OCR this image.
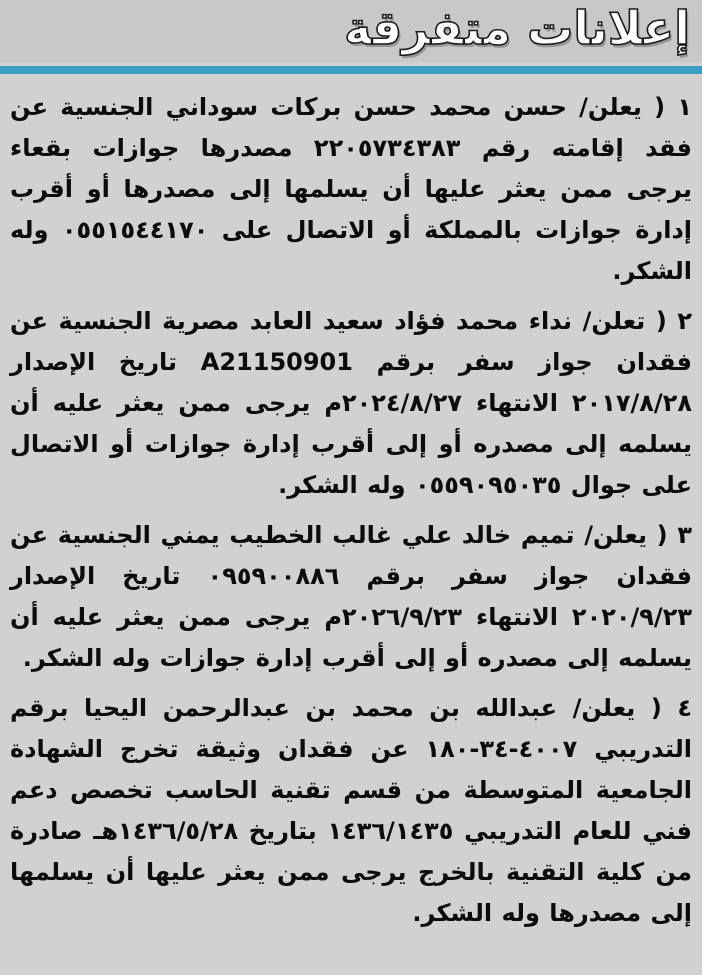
إعلانات متفرقة

١ ( يعلن/ حسن محمد حسن بركات سوداني الجنسية عن فقد إقامته رقم ٢٢٠٥٧٣٤٣٨٣ مصدرها جوازات بقعاء يرجى ممن يعثر عليها أن يسلمها إلى مصدرها أو أقرب إدارة جوازات بالمملكة أو الاتصال على ٠٥٥١٥٤٤١٧٠ وله الشكر.

٢ ( تعلن/ نداء محمد فؤاد سعيد العابد مصرية الجنسية عن فقدان جواز سفر برقم A21150901 تاريخ الإصدار ٢٠١٧/٨/٢٨ الانتهاء ٢٠٢٤/٨/٢٧م يرجى ممن يعثر عليه أن يسلمه إلى مصدره أو إلى أقرب إدارة جوازات أو الاتصال على جوال ٠٥٥٩٠٩٥٠٣٥ وله الشكر.

٣ ( يعلن/ تميم خالد علي غالب الخطيب يمني الجنسية عن فقدان جواز سفر برقم ٠٩٥٩٠٠٨٨٦ تاريخ الإصدار ٢٠٢٠/٩/٢٣ الانتهاء ٢٠٢٦/٩/٢٣م يرجى ممن يعثر عليه أن يسلمه إلى مصدره أو إلى أقرب إدارة جوازات وله الشكر.

٤ ( يعلن/ عبدالله بن محمد بن عبدالرحمن اليحيا برقم التدريبي ٤٠٠٧-٣٤-١٨٠ عن فقدان وثيقة تخرج الشهادة الجامعية المتوسطة من قسم تقنية الحاسب تخصص دعم فني للعام التدريبي ١٤٣٦/١٤٣٥ بتاريخ ١٤٣٦/٥/٢٨هـ صادرة من كلية التقنية بالخرج يرجى ممن يعثر عليها أن يسلمها إلى مصدرها وله الشكر.
